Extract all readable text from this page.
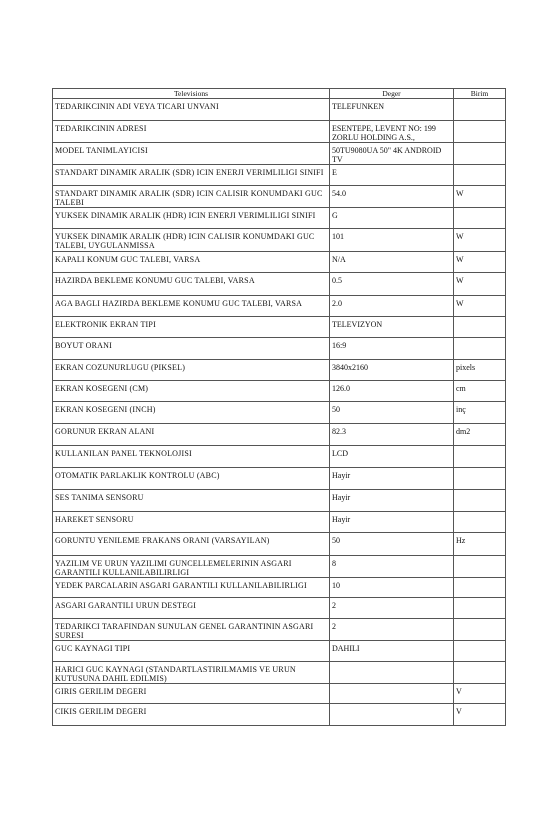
Televisions	Deger	Birim

TEDARIKCININ ADI VEYA TICARI UNVANI	TELEFUNKEN	

TEDARIKCININ ADRESI	ESENTEPE, LEVENT NO: 199 ZORLU HOLDING A.S.,	

MODEL TANIMLAYICISI	50TU9080UA 50" 4K ANDROID TV	

STANDART DINAMIK ARALIK (SDR) ICIN ENERJI VERIMLILIGI SINIFI	E	

STANDART DINAMIK ARALIK (SDR) ICIN CALISIR KONUMDAKI GUC TALEBI	54.0	W

YUKSEK DINAMIK ARALIK (HDR) ICIN ENERJI VERIMLILIGI SINIFI	G	

YUKSEK DINAMIK ARALIK (HDR) ICIN CALISIR KONUMDAKI GUC TALEBI, UYGULANMISSA	101	W

KAPALI KONUM GUC TALEBI, VARSA	N/A	W

HAZIRDA BEKLEME KONUMU GUC TALEBI, VARSA	0.5	W

AGA BAGLI HAZIRDA BEKLEME KONUMU GUC TALEBI, VARSA	2.0	W

ELEKTRONIK EKRAN TIPI	TELEVIZYON	

BOYUT ORANI	16:9	

EKRAN COZUNURLUGU (PIKSEL)	3840x2160	pixels

EKRAN KOSEGENI (CM)	126.0	cm

EKRAN KOSEGENI (INCH)	50	inç

GORUNUR EKRAN ALANI	82.3	dm2

KULLANILAN PANEL TEKNOLOJISI	LCD	

OTOMATIK PARLAKLIK KONTROLU (ABC)	Hayir	

SES TANIMA SENSORU	Hayir	

HAREKET SENSORU	Hayir	

GORUNTU YENILEME FRAKANS ORANI (VARSAYILAN)	50	Hz

YAZILIM VE URUN YAZILIMI GUNCELLEMELERININ ASGARI GARANTILI KULLANILABILIRLIGI	8	

YEDEK PARCALARIN ASGARI GARANTILI KULLANILABILIRLIGI	10	

ASGARI GARANTILI URUN DESTEGI	2	

TEDARIKCI TARAFINDAN SUNULAN GENEL GARANTININ ASGARI SURESI	2	

GUC KAYNAGI TIPI	DAHILI	

HARICI GUC KAYNAGI (STANDARTLASTIRILMAMIS VE URUN KUTUSUNA DAHIL EDILMIS)		

GIRIS GERILIM DEGERI		V

CIKIS GERILIM DEGERI		V
